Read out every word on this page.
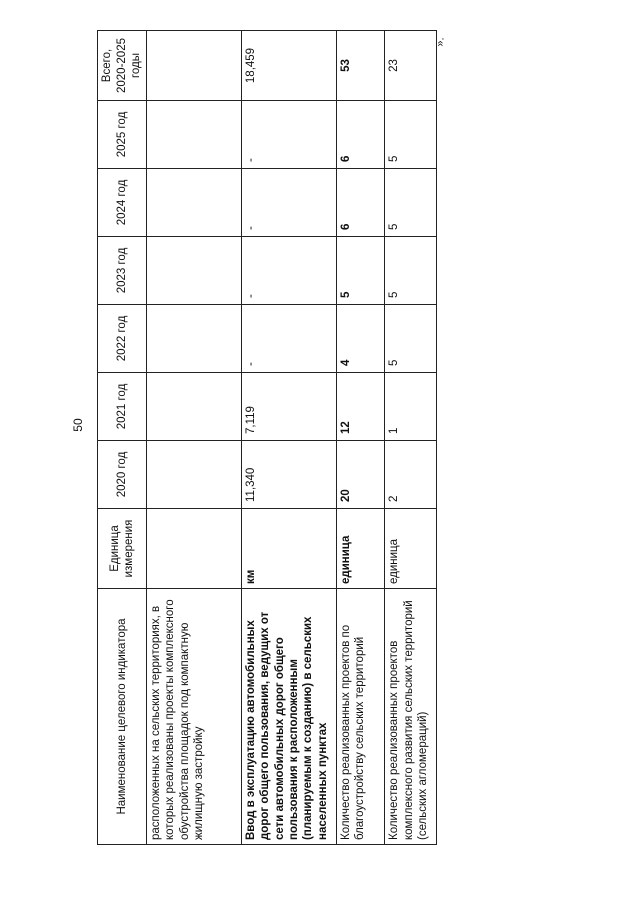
50
».
Наименование целевого индикатора	Единица измерения	2020 год	2021 год	2022 год	2023 год	2024 год	2025 год	Всего, 2020-2025 годы
расположенных на сельских территориях, в которых реализованы проекты комплексного обустройства площадок под компактную жилищную застройку								
Ввод в эксплуатацию автомобильных дорог общего пользования, ведущих от сети автомобильных дорог общего пользования к расположенным (планируемым к созданию) в сельских населенных пунктах	км	11,340	7,119	-	-	-	-	18,459
Количество реализованных проектов по благоустройству сельских территорий	единица	20	12	4	5	6	6	53
Количество реализованных проектов комплексного развития сельских территорий (сельских агломераций)	единица	2	1	5	5	5	5	23
